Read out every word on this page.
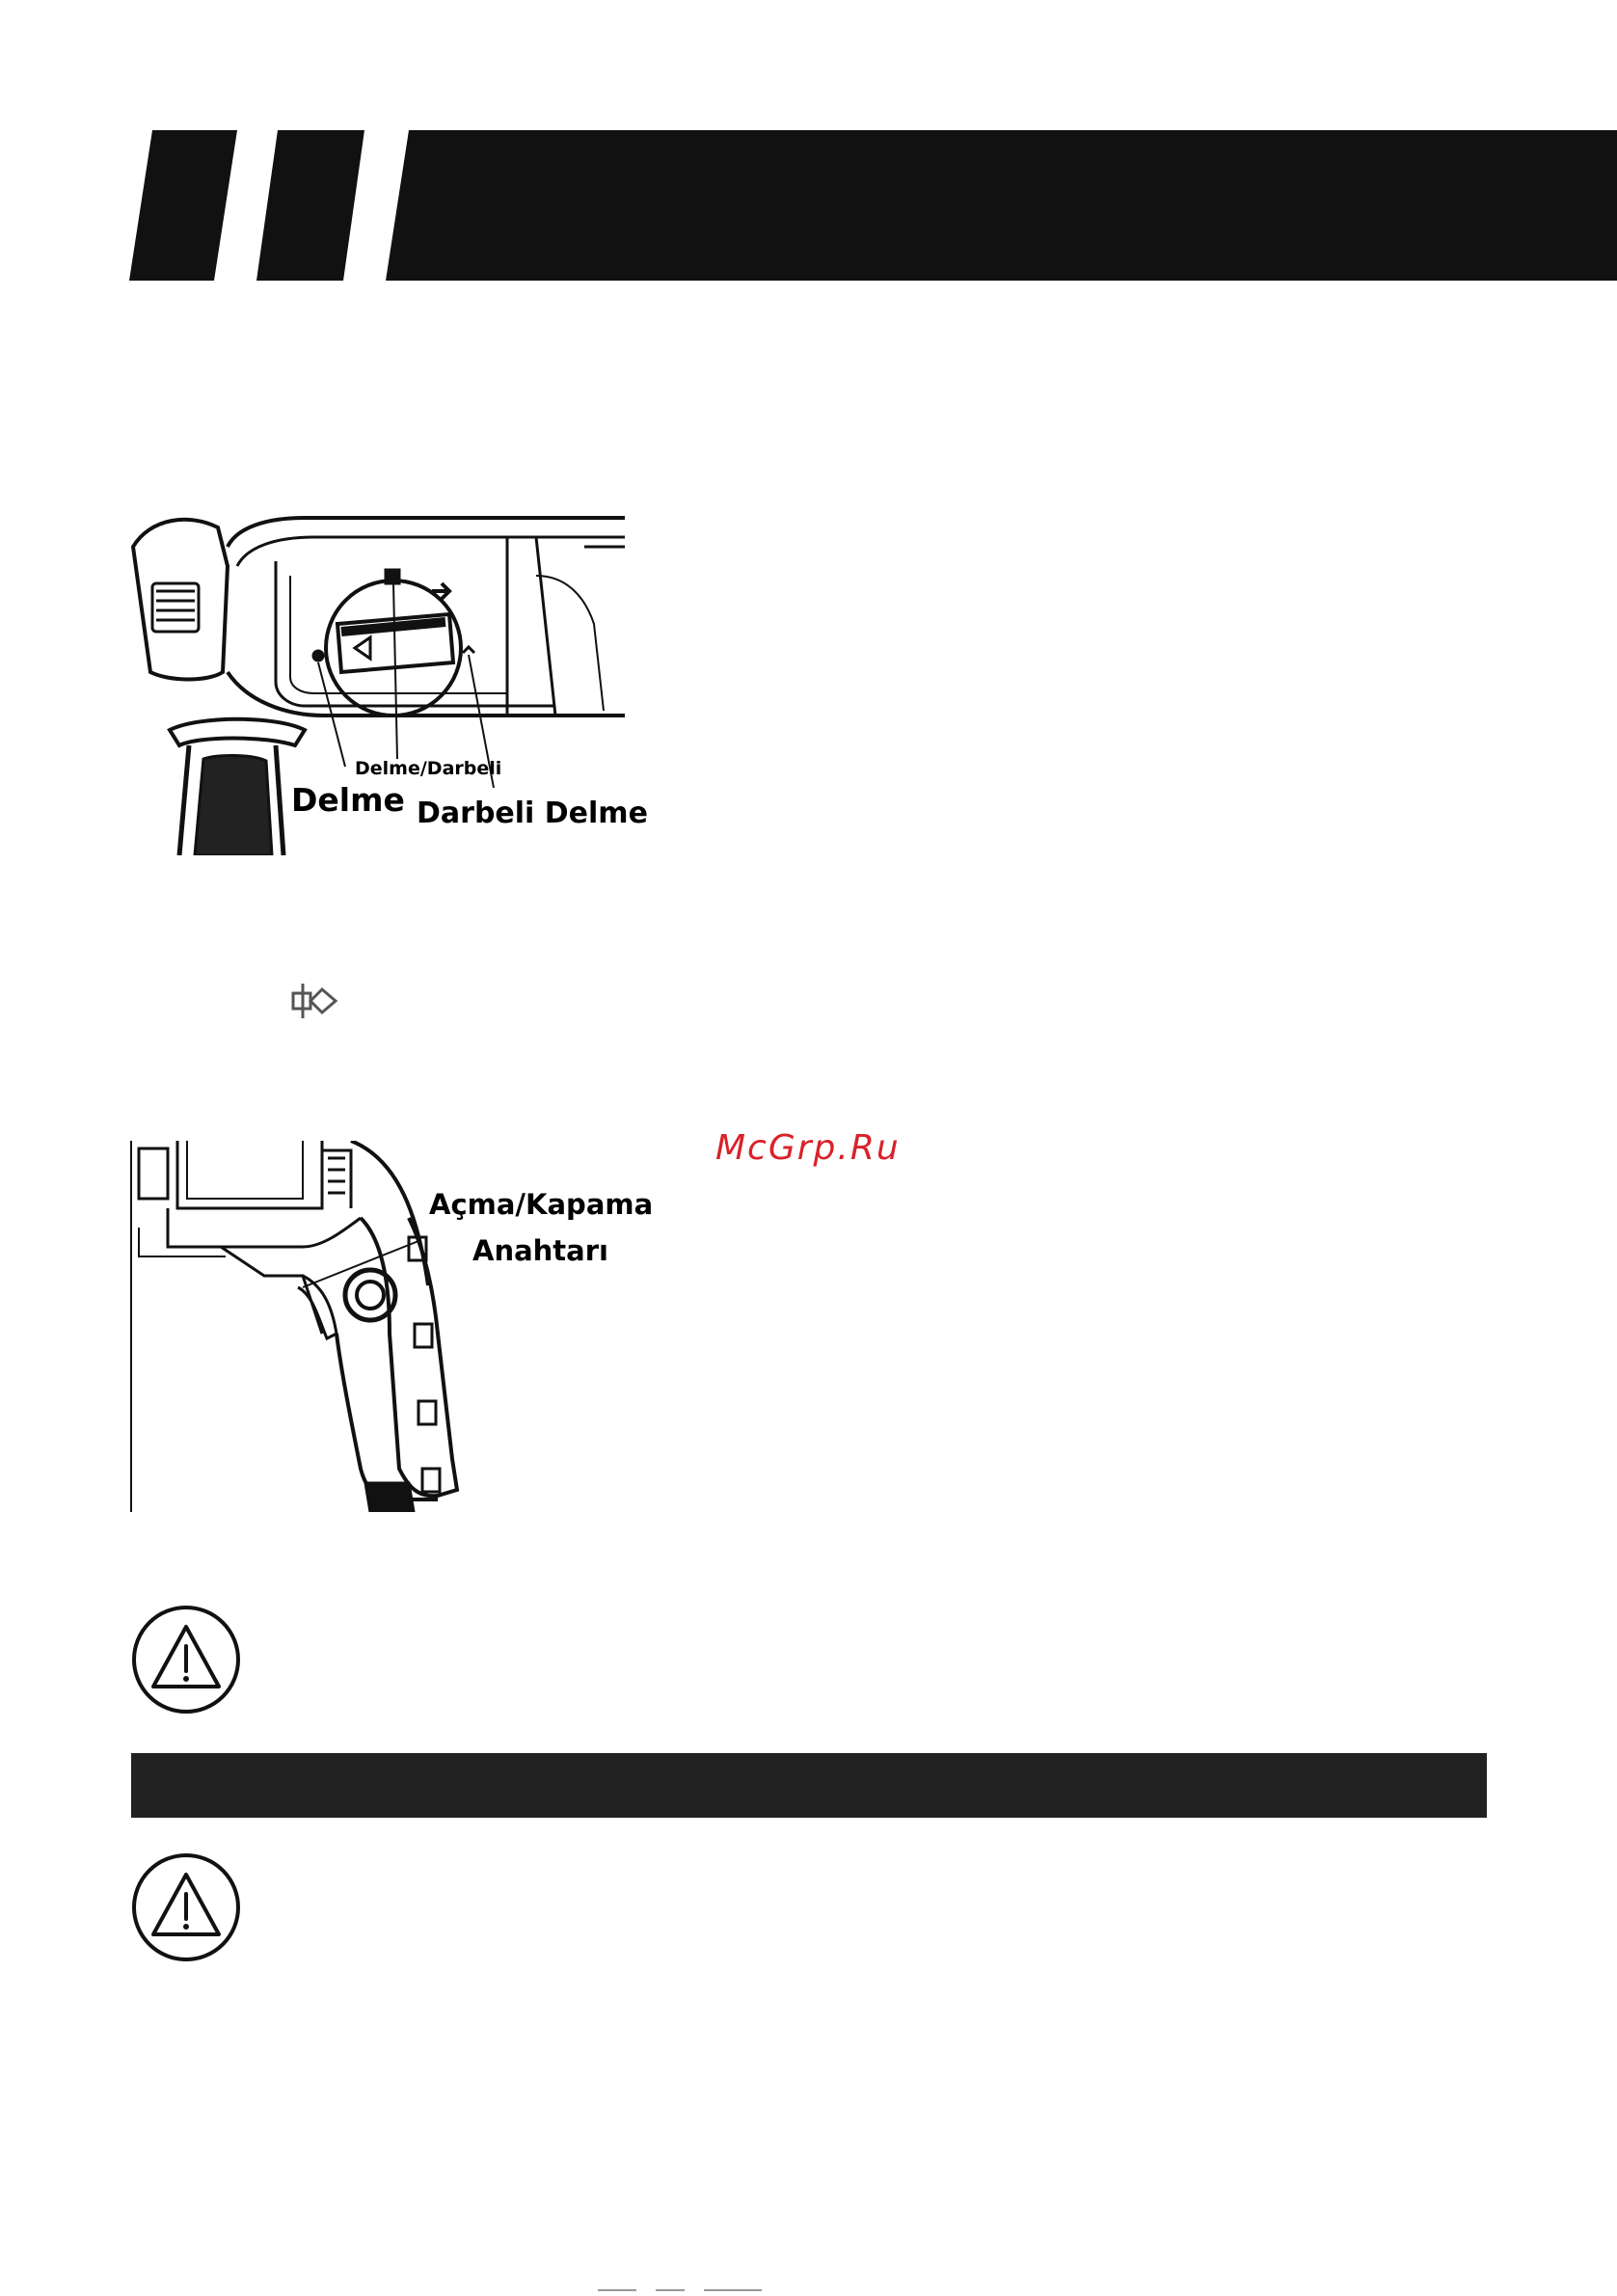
Delme/Darbeli
Delme Darbeli Delme
McGrp.Ru
Açma/Kapama
Anahtarı
